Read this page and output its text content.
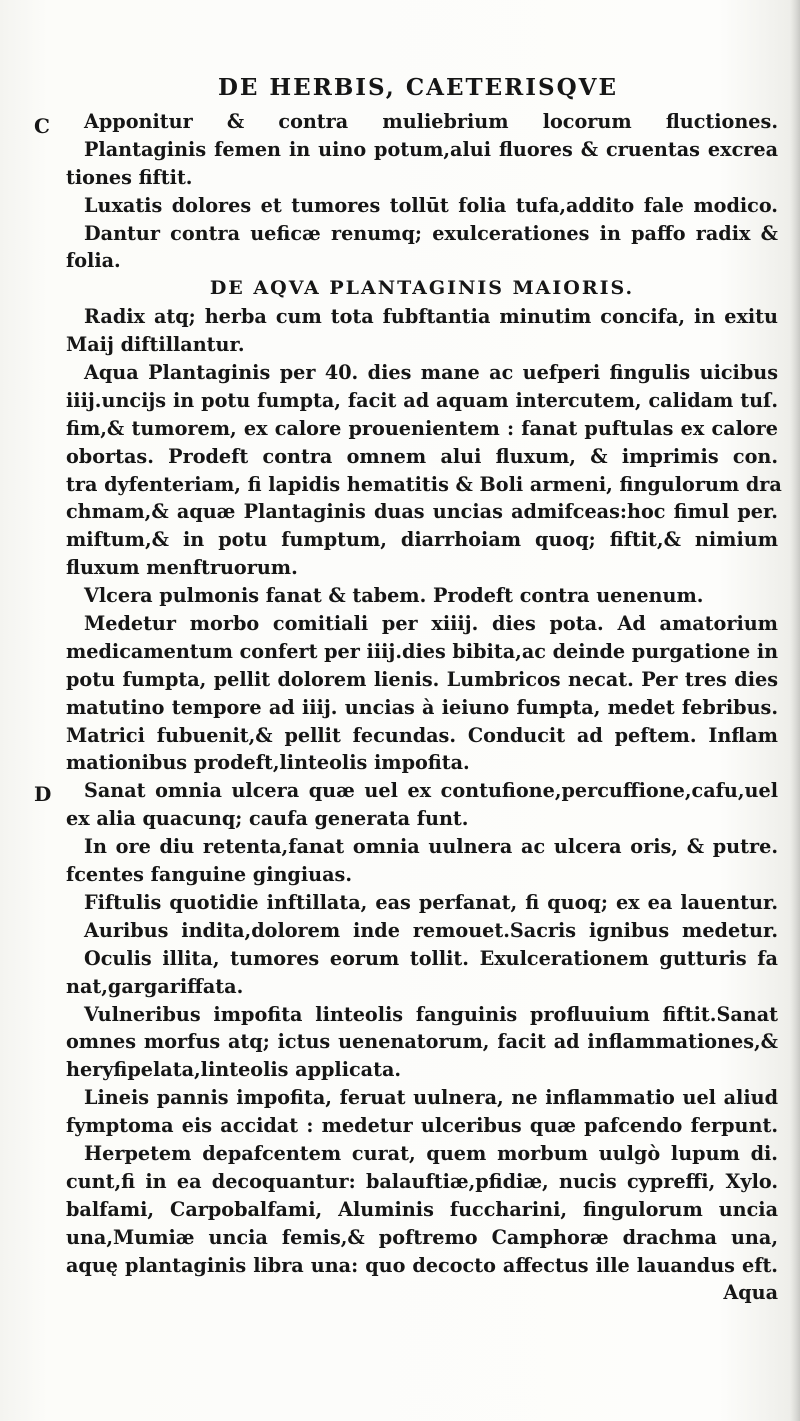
DE HERBIS, CAETERISQVE
C
D
Apponitur & contra muliebrium locorum fluctiones.
Plantaginis femen in uino potum,alui fluores & cruentas excrea
tiones fiftit.
Luxatis dolores et tumores tollūt folia tufa,addito fale modico.
Dantur contra ueficæ renumq; exulcerationes in paffo radix &
folia.
DE AQVA PLANTAGINIS MAIORIS.
Radix atq; herba cum tota fubftantia minutim concifa, in exitu
Maij diftillantur.
Aqua Plantaginis per 40. dies mane ac uefperi fingulis uicibus
iiij.uncijs in potu fumpta, facit ad aquam intercutem, calidam tuſ.
fim,& tumorem, ex calore prouenientem : fanat puftulas ex calore
obortas. Prodeft contra omnem alui fluxum, & imprimis con.
tra dyfenteriam, fi lapidis hematitis & Boli armeni, fingulorum dra
chmam,& aquæ Plantaginis duas uncias admifceas:hoc fimul per.
miftum,& in potu fumptum, diarrhoiam quoq; fiftit,& nimium
fluxum menftruorum.
Vlcera pulmonis fanat & tabem. Prodeft contra uenenum.
Medetur morbo comitiali per xiiij. dies pota. Ad amatorium
medicamentum confert per iiij.dies bibita,ac deinde purgatione in
potu fumpta, pellit dolorem lienis. Lumbricos necat. Per tres dies
matutino tempore ad iiij. uncias à ieiuno fumpta, medet febribus.
Matrici fubuenit,& pellit fecundas. Conducit ad peftem. Inflam
mationibus prodeft,linteolis impofita.
Sanat omnia ulcera quæ uel ex contufione,percuffione,cafu,uel
ex alia quacunq; caufa generata funt.
In ore diu retenta,fanat omnia uulnera ac ulcera oris, & putre.
fcentes fanguine gingiuas.
Fiftulis quotidie inftillata, eas perfanat, fi quoq; ex ea lauentur.
Auribus indita,dolorem inde remouet.Sacris ignibus medetur.
Oculis illita, tumores eorum tollit. Exulcerationem gutturis fa
nat,gargariffata.
Vulneribus impofita linteolis fanguinis profluuium fiftit.Sanat
omnes morfus atq; ictus uenenatorum, facit ad inflammationes,&
heryfipelata,linteolis applicata.
Lineis pannis impofita, feruat uulnera, ne inflammatio uel aliud
fymptoma eis accidat : medetur ulceribus quæ pafcendo ferpunt.
Herpetem depafcentem curat, quem morbum uulgò lupum di.
cunt,fi in ea decoquantur: balauftiæ,pfidiæ, nucis cypreffi, Xylo.
balfami, Carpobalfami, Aluminis fuccharini, fingulorum uncia
una,Mumiæ uncia femis,& poftremo Camphoræ drachma una,
aquę plantaginis libra una: quo decocto affectus ille lauandus eft.
Aqua
